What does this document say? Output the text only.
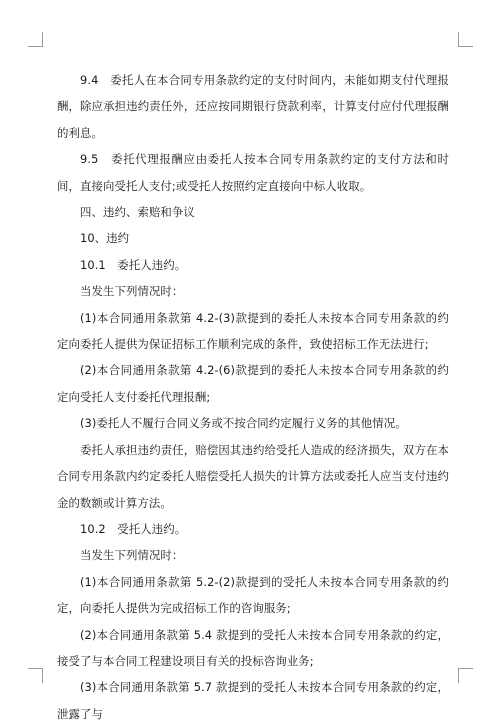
9.4　委托人在本合同专用条款约定的支付时间内，未能如期支付代理报酬，除应承担违约责任外，还应按同期银行贷款利率，计算支付应付代理报酬的利息。

9.5　委托代理报酬应由委托人按本合同专用条款约定的支付方法和时间，直接向受托人支付;或受托人按照约定直接向中标人收取。

四、违约、索赔和争议

10、违约

10.1　委托人违约。

当发生下列情况时：

(1)本合同通用条款第 4.2-(3)款提到的委托人未按本合同专用条款的约定向委托人提供为保证招标工作顺利完成的条件，致使招标工作无法进行;

(2)本合同通用条款第 4.2-(6)款提到的委托人未按本合同专用条款的约定向受托人支付委托代理报酬;

(3)委托人不履行合同义务或不按合同约定履行义务的其他情况。

委托人承担违约责任，赔偿因其违约给受托人造成的经济损失，双方在本合同专用条款内约定委托人赔偿受托人损失的计算方法或委托人应当支付违约金的数额或计算方法。

10.2　受托人违约。

当发生下列情况时：

(1)本合同通用条款第 5.2-(2)款提到的受托人未按本合同专用条款的约定，向委托人提供为完成招标工作的咨询服务;

(2)本合同通用条款第 5.4 款提到的受托人未按本合同专用条款的约定，接受了与本合同工程建设项目有关的投标咨询业务;

(3)本合同通用条款第 5.7 款提到的受托人未按本合同专用条款的约定，泄露了与
